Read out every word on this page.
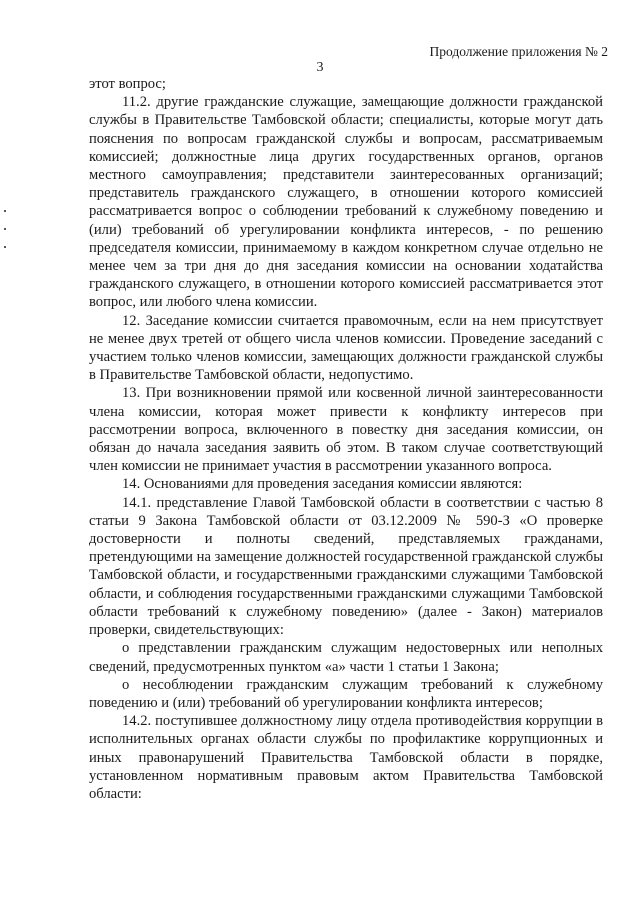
Продолжение приложения № 2
3

этот вопрос;

11.2. другие гражданские служащие, замещающие должности гражданской службы в Правительстве Тамбовской области; специалисты, которые могут дать пояснения по вопросам гражданской службы и вопросам, рассматриваемым комиссией; должностные лица других государственных органов, органов местного самоуправления; представители заинтересованных организаций; представитель гражданского служащего, в отношении которого комиссией рассматривается вопрос о соблюдении требований к служебному поведению и (или) требований об урегулировании конфликта интересов, - по решению председателя комиссии, принимаемому в каждом конкретном случае отдельно не менее чем за три дня до дня заседания комиссии на основании ходатайства гражданского служащего, в отношении которого комиссией рассматривается этот вопрос, или любого члена комиссии.

12. Заседание комиссии считается правомочным, если на нем присутствует не менее двух третей от общего числа членов комиссии. Проведение заседаний с участием только членов комиссии, замещающих должности гражданской службы в Правительстве Тамбовской области, недопустимо.

13. При возникновении прямой или косвенной личной заинтересованности члена комиссии, которая может привести к конфликту интересов при рассмотрении вопроса, включенного в повестку дня заседания комиссии, он обязан до начала заседания заявить об этом. В таком случае соответствующий член комиссии не принимает участия в рассмотрении указанного вопроса.

14. Основаниями для проведения заседания комиссии являются:

14.1. представление Главой Тамбовской области в соответствии с частью 8 статьи 9 Закона Тамбовской области от 03.12.2009 № 590-З «О проверке достоверности и полноты сведений, представляемых гражданами, претендующими на замещение должностей государственной гражданской службы Тамбовской области, и государственными гражданскими служащими Тамбовской области, и соблюдения государственными гражданскими служащими Тамбовской области требований к служебному поведению» (далее - Закон) материалов проверки, свидетельствующих:

о представлении гражданским служащим недостоверных или неполных сведений, предусмотренных пунктом «а» части 1 статьи 1 Закона;

о несоблюдении гражданским служащим требований к служебному поведению и (или) требований об урегулировании конфликта интересов;

14.2. поступившее должностному лицу отдела противодействия коррупции в исполнительных органах области службы по профилактике коррупционных и иных правонарушений Правительства Тамбовской области в порядке, установленном нормативным правовым актом Правительства Тамбовской области:
